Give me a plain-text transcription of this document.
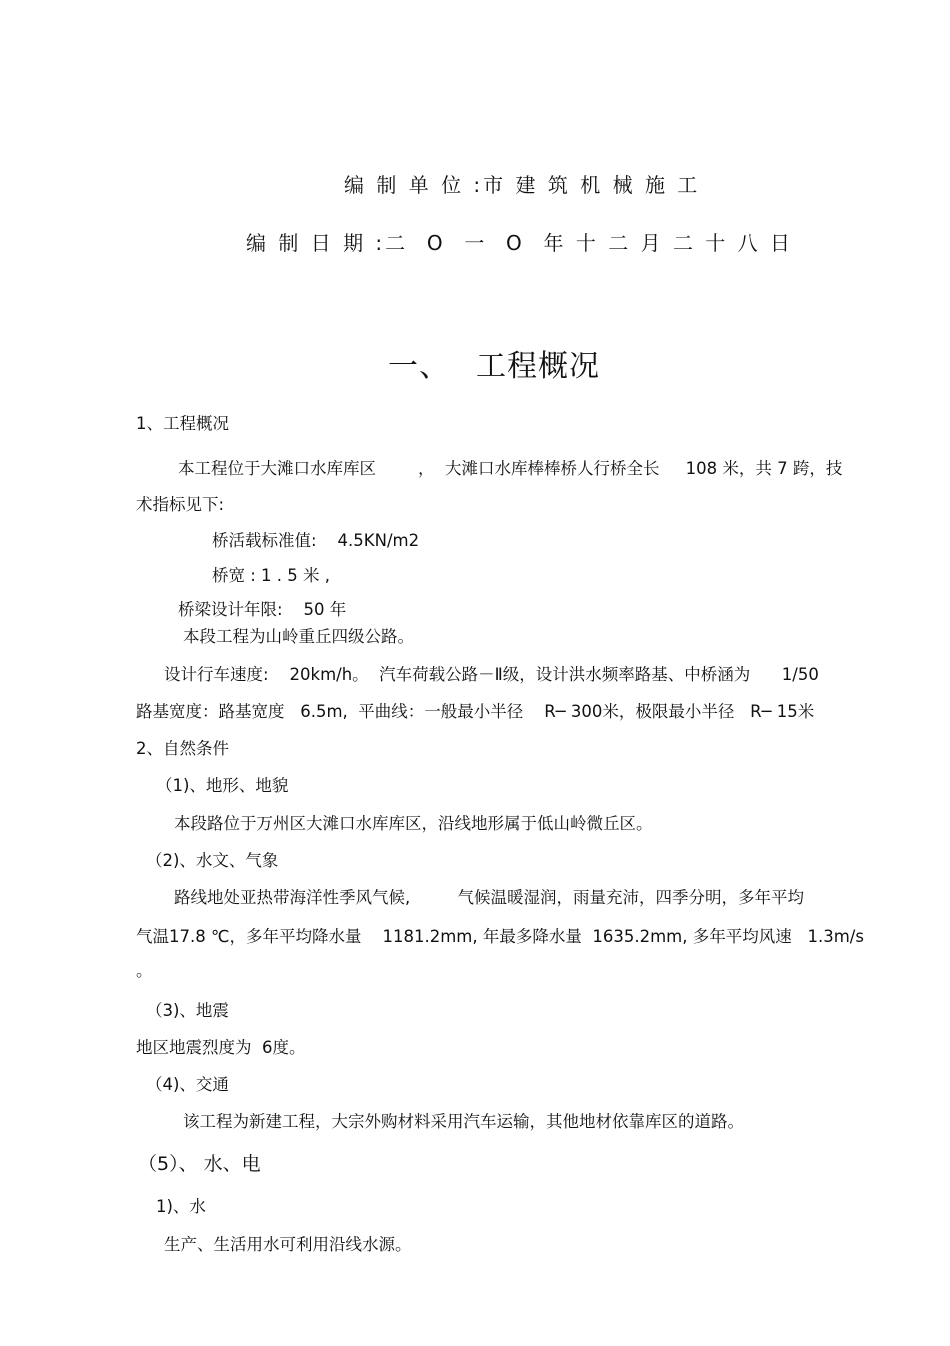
编 制 单 位 :市 建 筑 机 械 施 工
编 制 日 期 :二  O  一  O  年 十 二 月 二 十 八 日
一、 工程概况
1、工程概况
本工程位于大滩口水库库区        ，  大滩口水库棒棒桥人行桥全长     108 米，共 7 跨，技
术指标见下:
桥活载标准值:    4.5KN/m2
桥宽 : 1 . 5 米 ,
桥梁设计年限:    50 年
本段工程为山岭重丘四级公路。
设计行车速度:    20km/h。  汽车荷载公路－Ⅱ级，设计洪水频率路基、中桥涵为      1/50
路基宽度：路基宽度   6.5m,  平曲线：一般最小半径    R─ 300米，极限最小半径   R─ 15米
2、自然条件
（1)、地形、地貌
本段路位于万州区大滩口水库库区，沿线地形属于低山岭微丘区。
（2)、水文、气象
路线地处亚热带海洋性季风气候,         气候温暖湿润，雨量充沛，四季分明，多年平均
气温17.8 ℃，多年平均降水量    1181.2mm, 年最多降水量  1635.2mm, 多年平均风速   1.3m/s
。
（3)、地震
地区地震烈度为  6度。
（4)、交通
该工程为新建工程，大宗外购材料采用汽车运输，其他地材依靠库区的道路。
（5）、 水、电
1)、水
生产、生活用水可利用沿线水源。
